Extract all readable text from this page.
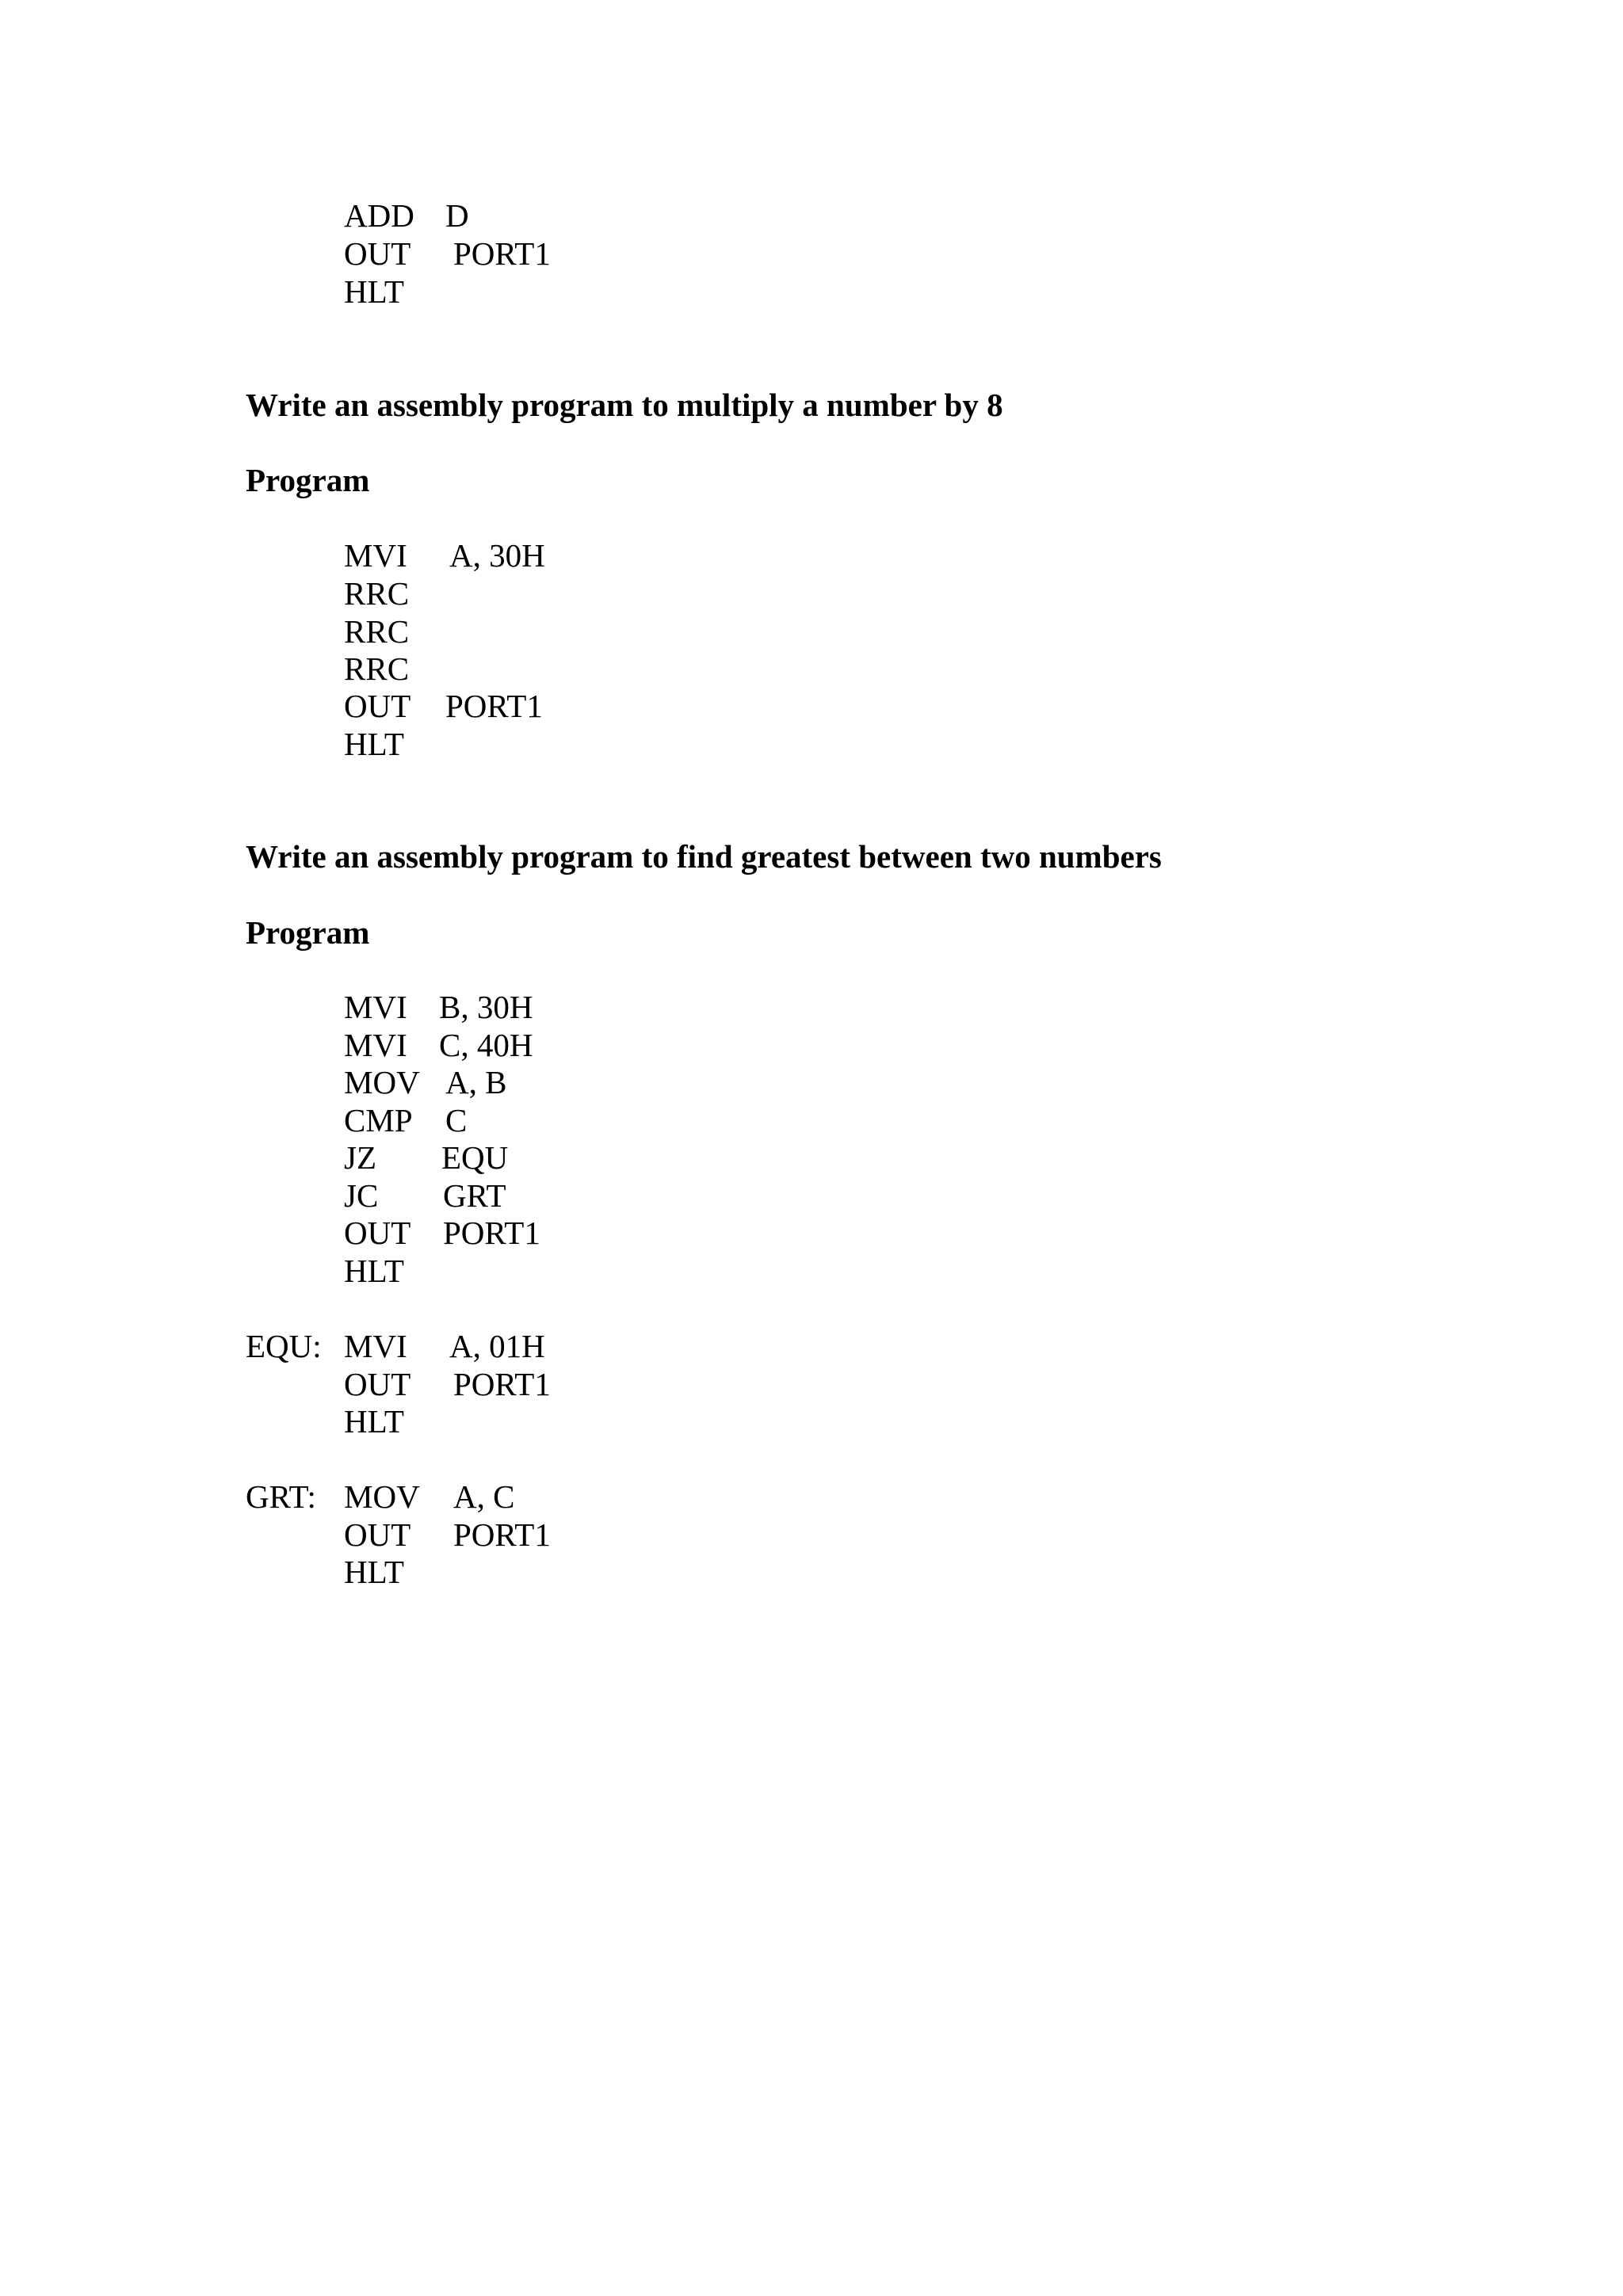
ADD D
OUT PORT1
HLT
Write an assembly program to multiply a number by 8
Program
MVI A, 30H
RRC
RRC
RRC
OUT PORT1
HLT
Write an assembly program to find greatest between two numbers
Program
MVI B, 30H
MVI C, 40H
MOV A, B
CMP C
JZ EQU
JC GRT
OUT PORT1
HLT
EQU: MVI A, 01H
OUT PORT1
HLT
GRT: MOV A, C
OUT PORT1
HLT
